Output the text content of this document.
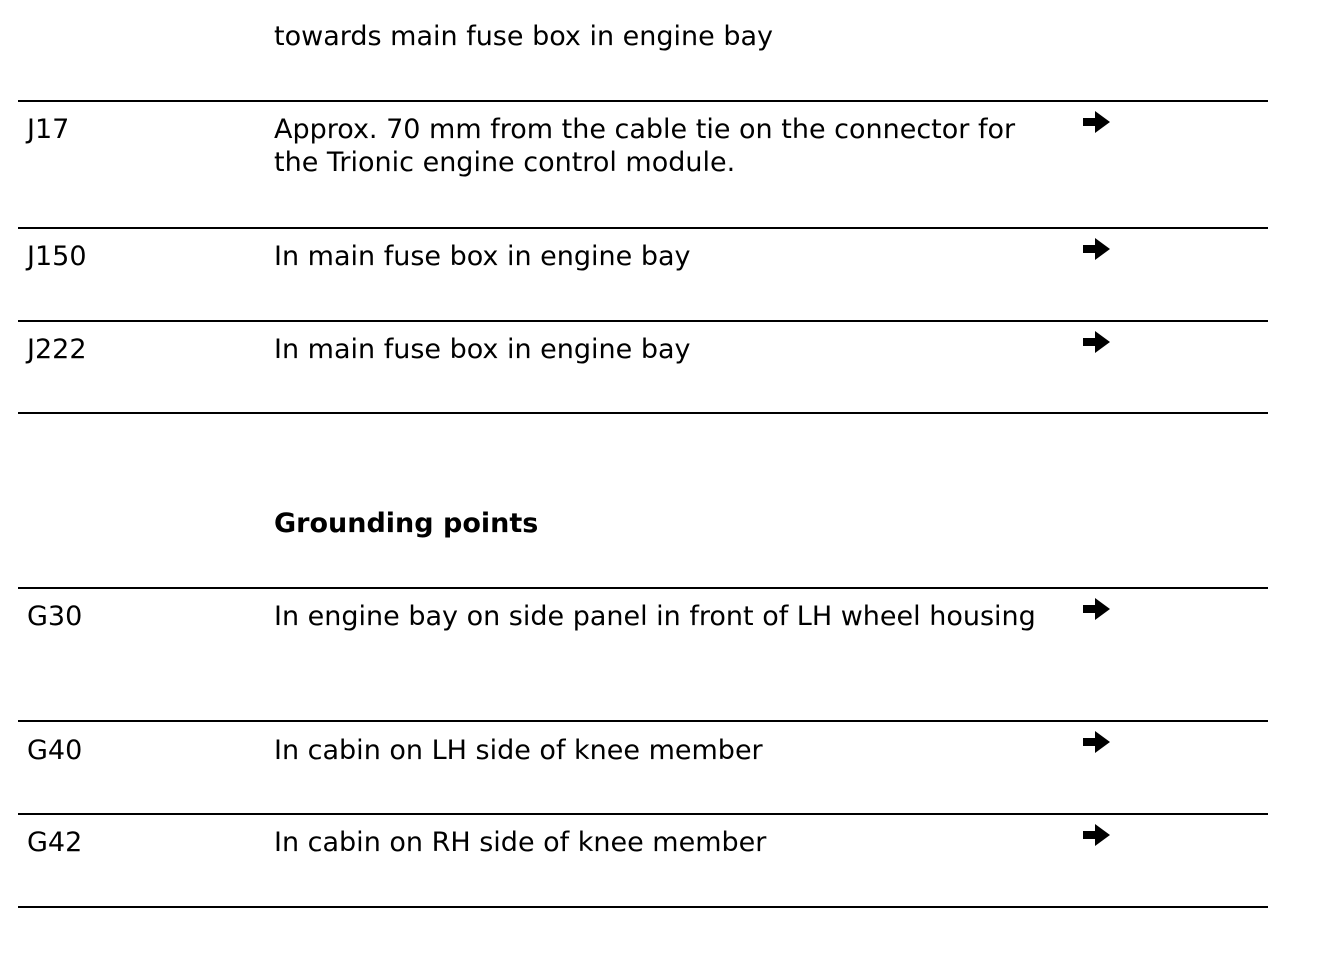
towards main fuse box in engine bay
J17	Approx. 70 mm from the cable tie on the connector for
the Trionic engine control module.
J150	In main fuse box in engine bay
J222	In main fuse box in engine bay
Grounding points
G30	In engine bay on side panel in front of LH wheel housing
G40	In cabin on LH side of knee member
G42	In cabin on RH side of knee member
